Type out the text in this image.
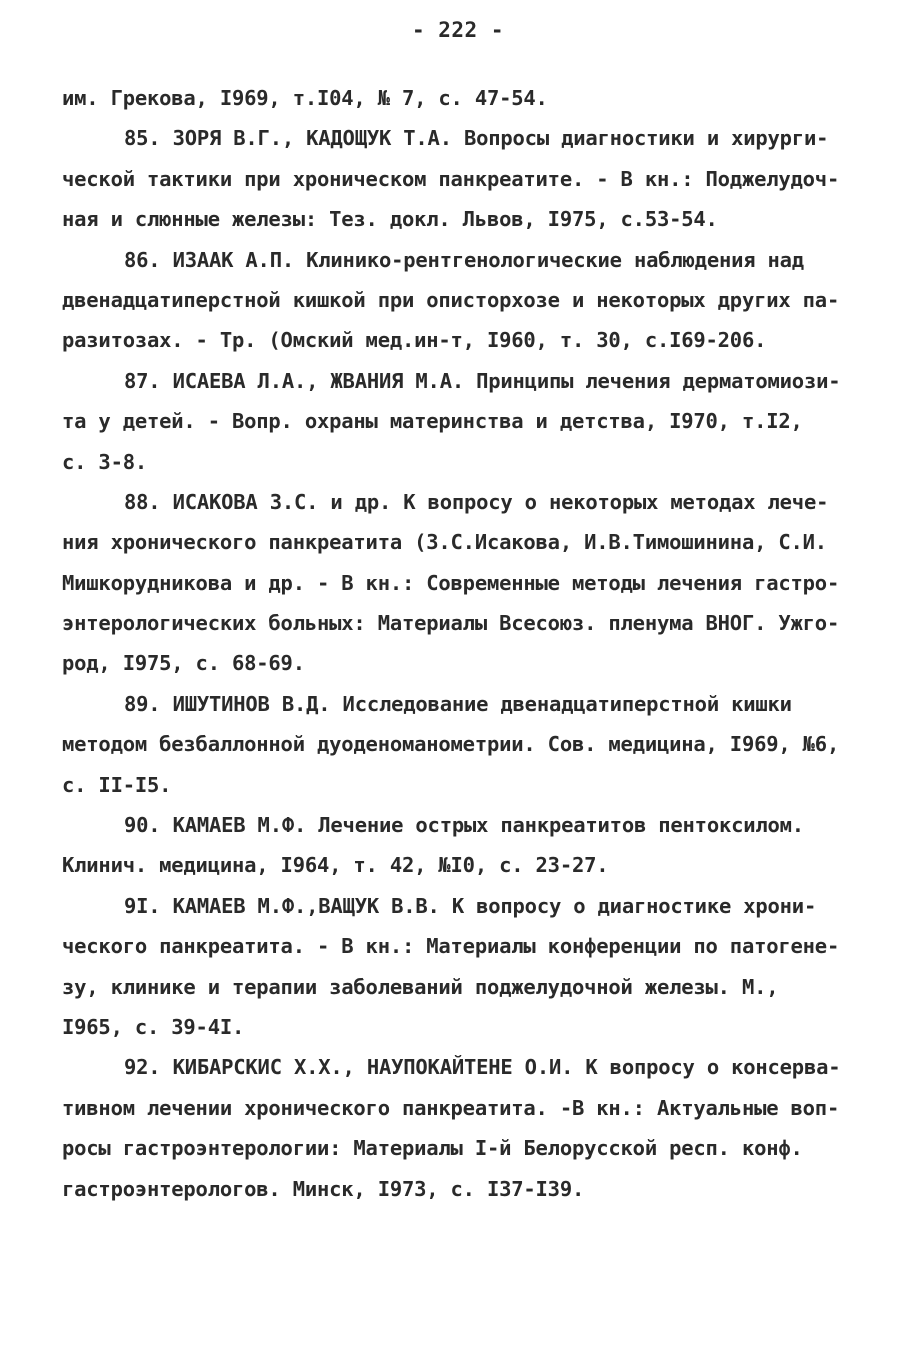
- 222 -
им. Грекова, I969, т.I04, № 7, с. 47-54.
85. ЗОРЯ В.Г., КАДОЩУК Т.А. Вопросы диагностики и хирурги-
ческой тактики при хроническом панкреатите. - В кн.: Поджелудоч-
ная и слюнные железы: Тез. докл. Львов, I975, с.53-54.
86. ИЗААК А.П. Клинико-рентгенологические наблюдения над
двенадцатиперстной кишкой при описторхозе и некоторых других па-
разитозах. - Тр. (Омский мед.ин-т, I960, т. 30, с.I69-206.
87. ИСАЕВА Л.А., ЖВАНИЯ М.А. Принципы лечения дерматомиози-
та у детей. - Вопр. охраны материнства и детства, I970, т.I2,
с. 3-8.
88. ИСАКОВА З.С. и др. К вопросу о некоторых методах лече-
ния хронического панкреатита (З.С.Исакова, И.В.Тимошинина, С.И.
Мишкорудникова и др. - В кн.: Современные методы лечения гастро-
энтерологических больных: Материалы Всесоюз. пленума ВНОГ. Ужго-
род, I975, с. 68-69.
89. ИШУТИНОВ В.Д. Исследование двенадцатиперстной кишки
методом безбаллонной дуоденоманометрии. Сов. медицина, I969, №6,
с. II-I5.
90. КАМАЕВ М.Ф. Лечение острых панкреатитов пентоксилом.
Клинич. медицина, I964, т. 42, №I0, с. 23-27.
9I. КАМАЕВ М.Ф.,ВАЩУК В.В. К вопросу о диагностике хрони-
ческого панкреатита. - В кн.: Материалы конференции по патогене-
зу, клинике и терапии заболеваний поджелудочной железы. М.,
I965, с. 39-4I.
92. КИБАРСКИС Х.Х., НАУПОКАЙТЕНЕ О.И. К вопросу о консерва-
тивном лечении хронического панкреатита. -В кн.: Актуальные воп-
росы гастроэнтерологии: Материалы I-й Белорусской респ. конф.
гастроэнтерологов. Минск, I973, с. I37-I39.
